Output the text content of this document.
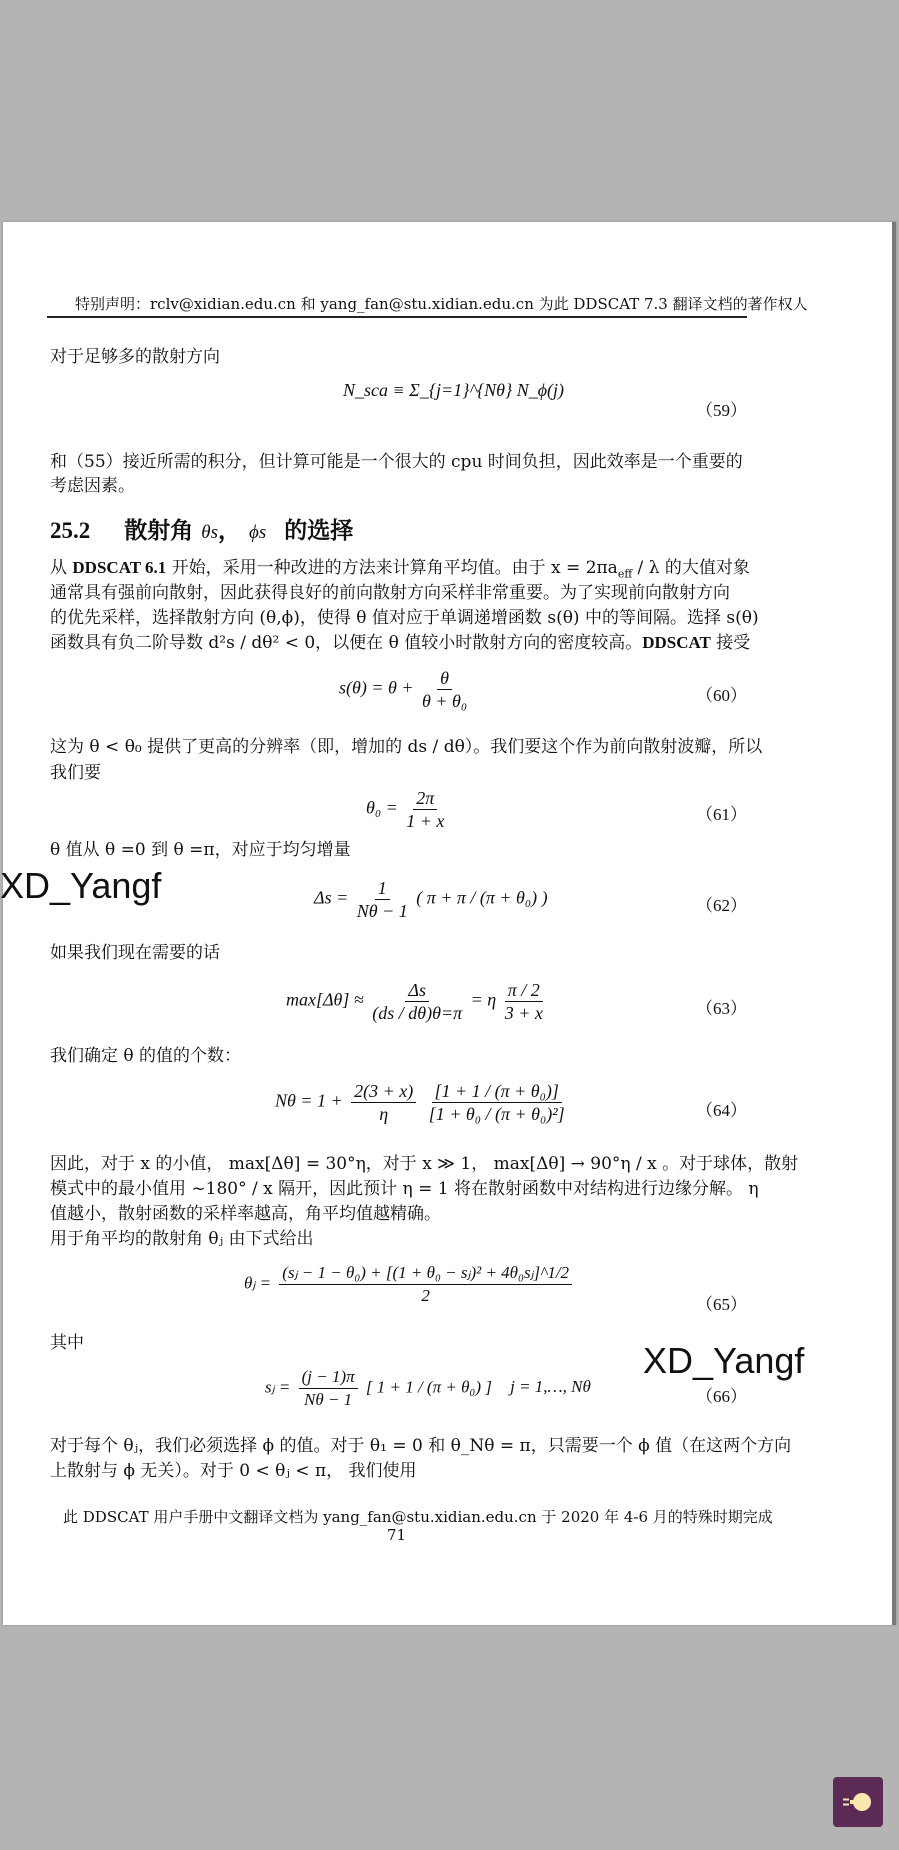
特别声明：rclv@xidian.edu.cn 和 yang_fan@stu.xidian.edu.cn 为此 DDSCAT 7.3 翻译文档的著作权人
对于足够多的散射方向
N_sca ≡ Σ_{j=1}^{Nθ} N_ϕ(j)
（59）
和（55）接近所需的积分，但计算可能是一个很大的 cpu 时间负担，因此效率是一个重要的
考虑因素。
25.2 散射角 θs， ϕs 的选择
从 DDSCAT 6.1 开始，采用一种改进的方法来计算角平均值。由于 $x = 2\pi a_{eff} / \lambda$ 的大值对象
通常具有强前向散射，因此获得良好的前向散射方向采样非常重要。为了实现前向散射方向
的优先采样，选择散射方向 (θ,ϕ)，使得 θ 值对应于单调递增函数 s(θ) 中的等间隔。选择 s(θ)
函数具有负二阶导数 d²s / dθ² < 0，以便在 θ 值较小时散射方向的密度较高。DDSCAT 接受
$s(\theta) = \theta + \frac{\theta}{\text{θ + θ₀}}$	（60）
这为 θ < θ₀ 提供了更高的分辨率（即，增加的 ds / dθ）。我们要这个作为前向散射波瓣，所以
我们要
$\theta_0 = \frac{2\pi}{1 + x}$	（61）
θ 值从 θ =0 到 θ =π，对应于均匀增量
XD_Yangf	$\Delta s = \frac{1}{N\theta - 1}$ ( π + π / (π + θ₀) )	（62）
如果我们现在需要的话
$\max[\Delta\theta] \approx \frac{\Delta s}{(ds / d\theta)\theta=\pi} = \eta \frac{\pi / 2}{3 + x}$	（63）
我们确定 θ 的值的个数：
$N\theta = 1 + \frac{2(3 + x)}{\eta}$
$\frac{\text{[1 + 1 / (π + θ₀)]}}{\text{[1 + θ₀ / (π + θ₀)²]}}$	（64）
因此，对于 x 的小值， max[Δθ] = 30°η，对于 x ≫ 1， max[Δθ] → 90°η / x 。对于球体，散射
模式中的最小值用 ~180° / x 隔开，因此预计 η = 1 将在散射函数中对结构进行边缘分解。 η
值越小，散射函数的采样率越高，角平均值越精确。
用于角平均的散射角 θⱼ 由下式给出
θⱼ = $\frac{\text{(sⱼ − 1 − θ₀) + [(1 + θ₀ − sⱼ)² + 4θ₀sⱼ]\textasciicircum{}1/2}}{2}$	（65）
其中	XD_Yangf
sⱼ = $\frac{(j - 1)\pi}{N\theta - 1}$ [ 1 + 1 / (π + θ₀) ] j = 1,…, Nθ
（66）
对于每个 θⱼ，我们必须选择 ϕ 的值。对于 θ₁ = 0 和 θ_Nθ = π，只需要一个 ϕ 值（在这两个方向
上散射与 ϕ 无关）。对于 0 < θⱼ < π， 我们使用
此 DDSCAT 用户手册中文翻译文档为 yang_fan@stu.xidian.edu.cn 于 2020 年 4-6 月的特殊时期完成
71
